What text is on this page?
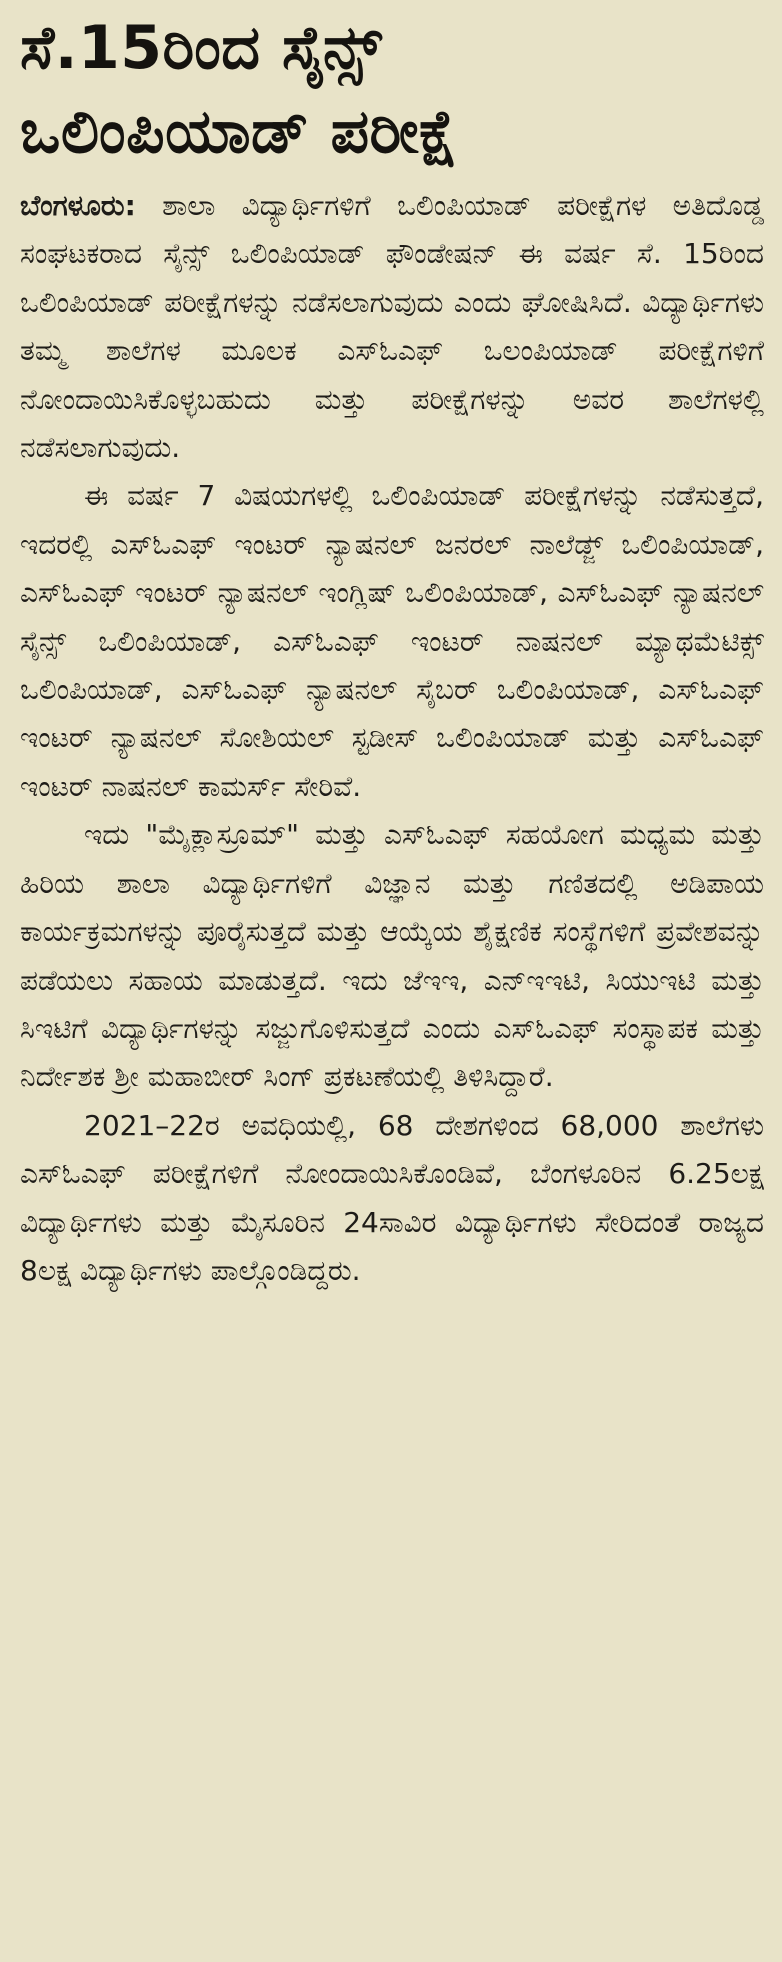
ಸೆ.15ರಿಂದ ಸೈನ್ಸ್
ಒಲಿಂಪಿಯಾಡ್ ಪರೀಕ್ಷೆ

ಬೆಂಗಳೂರು: ಶಾಲಾ ವಿದ್ಯಾರ್ಥಿಗಳಿಗೆ ಒಲಿಂಪಿಯಾಡ್ ಪರೀಕ್ಷೆಗಳ ಅತಿದೊಡ್ಡ ಸಂಘಟಕರಾದ ಸೈನ್ಸ್ ಒಲಿಂಪಿಯಾಡ್ ಫೌಂಡೇಷನ್ ಈ ವರ್ಷ ಸೆ. 15ರಿಂದ ಒಲಿಂಪಿಯಾಡ್ ಪರೀಕ್ಷೆಗಳನ್ನು ನಡೆಸಲಾಗುವುದು ಎಂದು ಘೋಷಿಸಿದೆ. ವಿದ್ಯಾರ್ಥಿಗಳು ತಮ್ಮ ಶಾಲೆಗಳ ಮೂಲಕ ಎಸ್‌ಓಎಫ್ ಒಲಂಪಿಯಾಡ್ ಪರೀಕ್ಷೆಗಳಿಗೆ ನೋಂದಾಯಿಸಿಕೊಳ್ಳಬಹುದು ಮತ್ತು ಪರೀಕ್ಷೆಗಳನ್ನು ಅವರ ಶಾಲೆಗಳಲ್ಲಿ ನಡೆಸಲಾಗುವುದು.

ಈ ವರ್ಷ 7 ವಿಷಯಗಳಲ್ಲಿ ಒಲಿಂಪಿಯಾಡ್ ಪರೀಕ್ಷೆಗಳನ್ನು ನಡೆಸುತ್ತದೆ, ಇದರಲ್ಲಿ ಎಸ್‌ಓಎಫ್ ಇಂಟರ್ ನ್ಯಾಷನಲ್ ಜನರಲ್ ನಾಲೆಡ್ಜ್ ಒಲಿಂಪಿಯಾಡ್, ಎಸ್‌ಓಎಫ್ ಇಂಟರ್ ನ್ಯಾಷನಲ್ ಇಂಗ್ಲಿಷ್ ಒಲಿಂಪಿಯಾಡ್, ಎಸ್‌ಓಎಫ್ ನ್ಯಾಷನಲ್ ಸೈನ್ಸ್ ಒಲಿಂಪಿಯಾಡ್, ಎಸ್‌ಓಎಫ್ ಇಂಟರ್ ನಾಷನಲ್ ಮ್ಯಾಥಮೆಟಿಕ್ಸ್ ಒಲಿಂಪಿಯಾಡ್, ಎಸ್‌ಓಎಫ್ ನ್ಯಾಷನಲ್ ಸೈಬರ್ ಒಲಿಂಪಿಯಾಡ್, ಎಸ್‌ಓಎಫ್ ಇಂಟರ್ ನ್ಯಾಷನಲ್ ಸೋಶಿಯಲ್ ಸ್ಟಡೀಸ್ ಒಲಿಂಪಿಯಾಡ್ ಮತ್ತು ಎಸ್‌ಓಎಫ್ ಇಂಟರ್ ನಾಷನಲ್ ಕಾಮರ್ಸ್ ಸೇರಿವೆ.

ಇದು "ಮೈಕ್ಲಾಸ್ರೂಮ್" ಮತ್ತು ಎಸ್‌ಓಎಫ್ ಸಹಯೋಗ ಮಧ್ಯಮ ಮತ್ತು ಹಿರಿಯ ಶಾಲಾ ವಿದ್ಯಾರ್ಥಿಗಳಿಗೆ ವಿಜ್ಞಾನ ಮತ್ತು ಗಣಿತದಲ್ಲಿ ಅಡಿಪಾಯ ಕಾರ್ಯಕ್ರಮಗಳನ್ನು ಪೂರೈಸುತ್ತದೆ ಮತ್ತು ಆಯ್ಕೆಯ ಶೈಕ್ಷಣಿಕ ಸಂಸ್ಥೆಗಳಿಗೆ ಪ್ರವೇಶವನ್ನು ಪಡೆಯಲು ಸಹಾಯ ಮಾಡುತ್ತದೆ. ಇದು ಜೆಇಇ, ಎನ್‌ಇಇಟಿ, ಸಿಯುಇಟಿ ಮತ್ತು ಸಿಇಟಿಗೆ ವಿದ್ಯಾರ್ಥಿಗಳನ್ನು ಸಜ್ಜುಗೊಳಿಸುತ್ತದೆ ಎಂದು ಎಸ್‌ಓಎಫ್ ಸಂಸ್ಥಾಪಕ ಮತ್ತು ನಿರ್ದೇಶಕ ಶ್ರೀ ಮಹಾಬೀರ್ ಸಿಂಗ್ ಪ್ರಕಟಣೆಯಲ್ಲಿ ತಿಳಿಸಿದ್ದಾರೆ.

2021–22ರ ಅವಧಿಯಲ್ಲಿ, 68 ದೇಶಗಳಿಂದ 68,000 ಶಾಲೆಗಳು ಎಸ್‌ಓಎಫ್ ಪರೀಕ್ಷೆಗಳಿಗೆ ನೋಂದಾಯಿಸಿಕೊಂಡಿವೆ, ಬೆಂಗಳೂರಿನ 6.25ಲಕ್ಷ ವಿದ್ಯಾರ್ಥಿಗಳು ಮತ್ತು ಮೈಸೂರಿನ 24ಸಾವಿರ ವಿದ್ಯಾರ್ಥಿಗಳು ಸೇರಿದಂತೆ ರಾಜ್ಯದ 8ಲಕ್ಷ ವಿದ್ಯಾರ್ಥಿಗಳು ಪಾಲ್ಗೊಂಡಿದ್ದರು.
